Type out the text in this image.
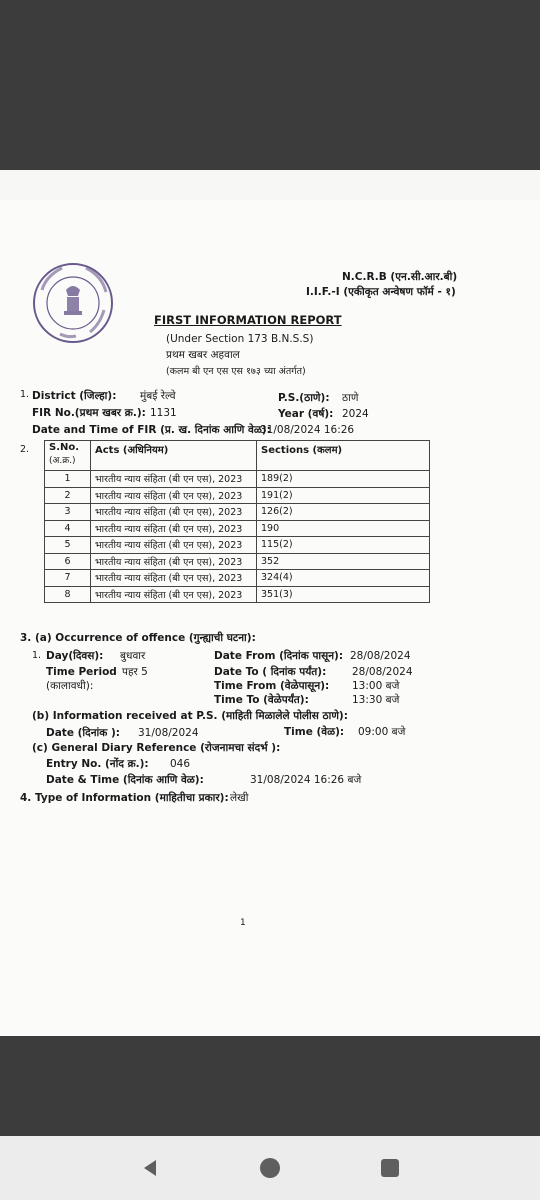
N.C.R.B (एन.सी.आर.बी)
I.I.F.-I (एकीकृत अन्वेषण फॉर्म - १)
FIRST INFORMATION REPORT
(Under Section 173 B.N.S.S)
प्रथम खबर अहवाल
(कलम बी एन एस एस १७३ च्या अंतर्गत)
1. District (जिल्हा): मुंबई रेल्वे	P.S.(ठाणे): ठाणे
FIR No.(प्रथम खबर क्र.): 1131	Year (वर्ष): 2024
Date and Time of FIR (प्र. ख. दिनांक आणि वेळ):
31/08/2024 16:26
2. S.No.
(अ.क्र.)	Acts (अधिनियम)	Sections (कलम)
1	भारतीय न्याय संहिता (बी एन एस), 2023	189(2)
2	भारतीय न्याय संहिता (बी एन एस), 2023	191(2)
3	भारतीय न्याय संहिता (बी एन एस), 2023	126(2)
4	भारतीय न्याय संहिता (बी एन एस), 2023	190
5	भारतीय न्याय संहिता (बी एन एस), 2023	115(2)
6	भारतीय न्याय संहिता (बी एन एस), 2023	352
7	भारतीय न्याय संहिता (बी एन एस), 2023	324(4)
8	भारतीय न्याय संहिता (बी एन एस), 2023	351(3)
3. (a) Occurrence of offence (गुन्ह्याची घटना):
1. Day(दिवस): बुधवार	Date From (दिनांक पासून): 28/08/2024
Time Period पहर 5	Date To ( दिनांक पर्यंत): 28/08/2024
(कालावधी):	Time From (वेळेपासून): 13:00 बजे
Time To (वेळेपर्यंत):	13:30 बजे
(b) Information received at P.S. (माहिती मिळालेले पोलीस ठाणे):
Date (दिनांक ): 31/08/2024	Time (वेळ): 09:00 बजे
(c) General Diary Reference (रोजनामचा संदर्भ ):
Entry No. (नोंद क्र.): 046
Date & Time (दिनांक आणि वेळ):	31/08/2024 16:26 बजे
4. Type of Information (माहितीचा प्रकार): लेखी
1
